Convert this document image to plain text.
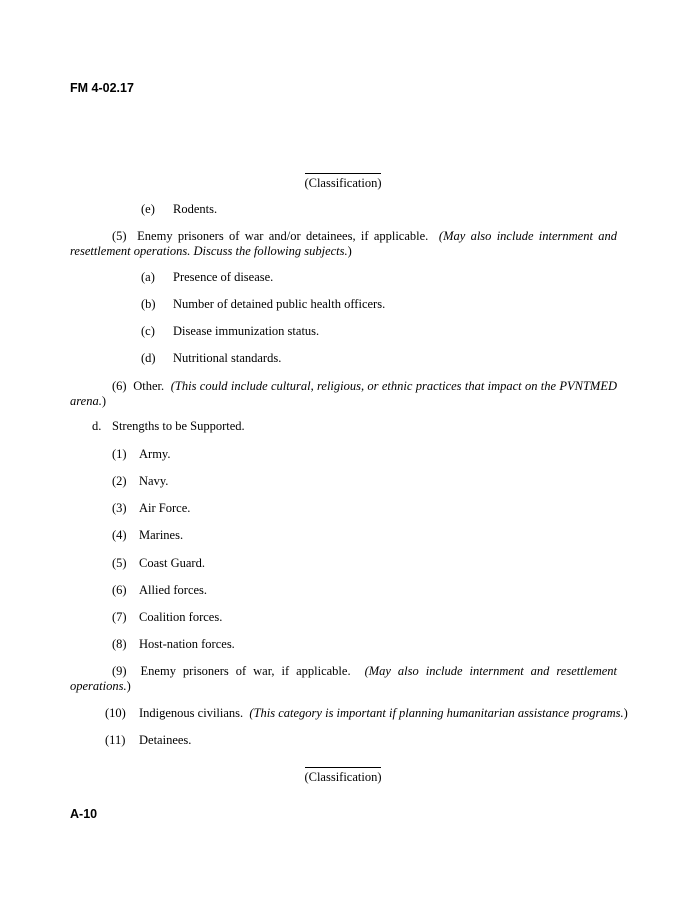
FM 4-02.17
(Classification)
(e) Rodents.
(5) Enemy prisoners of war and/or detainees, if applicable. (May also include internment and
resettlement operations. Discuss the following subjects.)
(a) Presence of disease.
(b) Number of detained public health officers.
(c) Disease immunization status.
(d) Nutritional standards.
(6) Other. (This could include cultural, religious, or ethnic practices that impact on the PVNTMED
arena.)
d. Strengths to be Supported.
(1) Army.
(2) Navy.
(3) Air Force.
(4) Marines.
(5) Coast Guard.
(6) Allied forces.
(7) Coalition forces.
(8) Host-nation forces.
(9) Enemy prisoners of war, if applicable. (May also include internment and resettlement
operations.)
(10) Indigenous civilians. (This category is important if planning humanitarian assistance programs.)
(11) Detainees.
(Classification)
A-10
